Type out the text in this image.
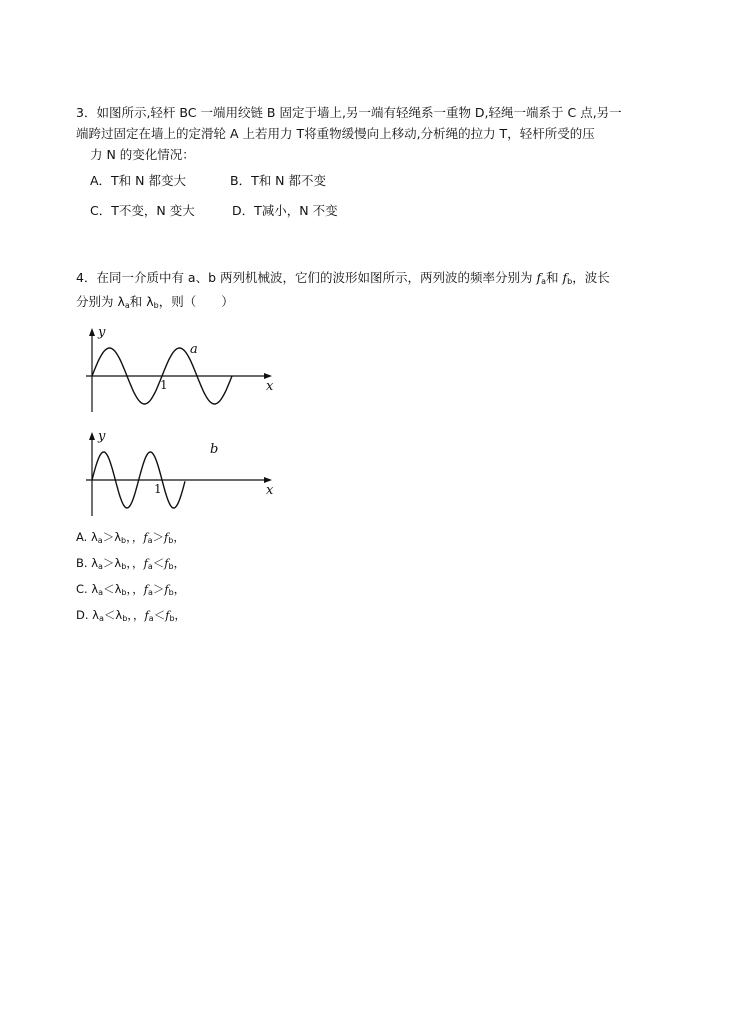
3．如图所示,轻杆 BC 一端用绞链 B 固定于墙上,另一端有轻绳系一重物 D,轻绳一端系于 C 点,另一
端跨过固定在墙上的定滑轮 A 上若用力 T将重物缓慢向上移动,分析绳的拉力 T，轻杆所受的压
力 N 的变化情况：
A．T和 N 都变大	B．T和 N 都不变
C．T不变，N 变大	D．T减小，N 不变
4．在同一介质中有 a、b 两列机械波，它们的波形如图所示，两列波的频率分别为 $f_a$和 $f_b$，波长
分别为 $\lambda_a$和 $\lambda_b$，则（　　）
y
x
a
1
y
x
b
1
A. $\lambda_a>\lambda_b$，，$f_a>f_b$，
B. $\lambda_a>\lambda_b$，，$f_a<f_b$，
C. $\lambda_a<\lambda_b$，，$f_a>f_b$，
D. $\lambda_a<\lambda_b$，，$f_a<f_b$，
